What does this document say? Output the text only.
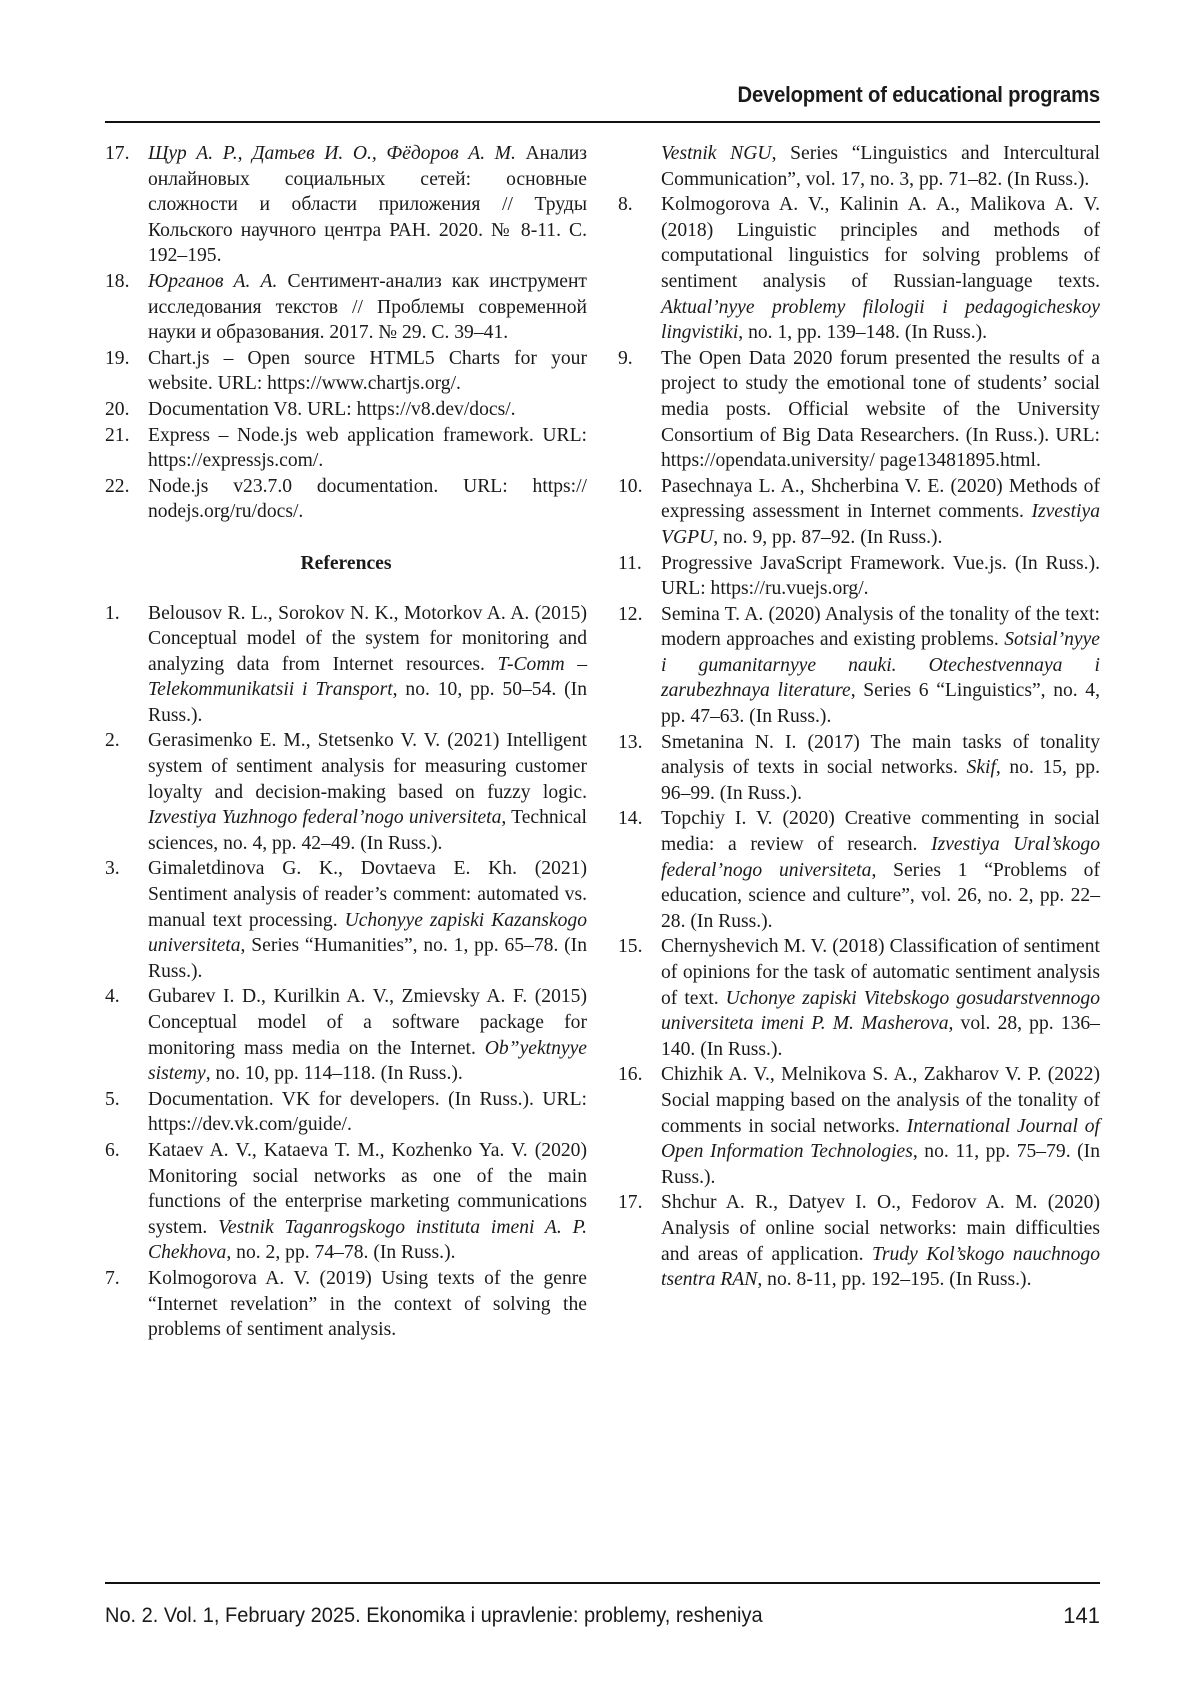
Development of educational programs
17. Щур А. Р., Датьев И. О., Фёдоров А. М. Анализ онлайновых социальных сетей: основные сложности и области приложения // Труды Кольского научного центра РАН. 2020. № 8-11. С. 192–195.
18. Юрганов А. А. Сентимент-анализ как инструмент исследования текстов // Проблемы современной науки и образования. 2017. № 29. С. 39–41.
19. Chart.js – Open source HTML5 Charts for your website. URL: https://www.chartjs.org/.
20. Documentation V8. URL: https://v8.dev/docs/.
21. Express – Node.js web application framework. URL: https://expressjs.com/.
22. Node.js v23.7.0 documentation. URL: https:// nodejs.org/ru/docs/.
References
1.	Belousov R. L., Sorokov N. K., Motorkov A. A. (2015) Conceptual model of the system for monitoring and analyzing data from Internet resources. T-Comm – Telekommunikatsii i Transport, no. 10, pp. 50–54. (In Russ.).
2.	Gerasimenko E. M., Stetsenko V. V. (2021) Intelligent system of sentiment analysis for measuring customer loyalty and decision-making based on fuzzy logic. Izvestiya Yuzhnogo federal’nogo universiteta, Technical sciences, no. 4, pp. 42–49. (In Russ.).
3.	Gimaletdinova G. K., Dovtaeva E. Kh. (2021) Sentiment analysis of reader’s comment: automated vs. manual text processing. Uchonyye zapiski Kazanskogo universiteta, Series “Humanities”, no. 1, pp. 65–78. (In Russ.).
4.	Gubarev I. D., Kurilkin A. V., Zmievsky A. F. (2015) Conceptual model of a software package for monitoring mass media on the Internet. Ob”yektnyye sistemy, no. 10, pp. 114–118. (In Russ.).
5.	Documentation. VK for developers. (In Russ.). URL: https://dev.vk.com/guide/.
6.	Kataev A. V., Kataeva T. M., Kozhenko Ya. V. (2020) Monitoring social networks as one of the main functions of the enterprise marketing communications system. Vestnik Taganrogskogo instituta imeni A. P. Chekhova, no. 2, pp. 74–78. (In Russ.).
7.	Kolmogorova A. V. (2019) Using texts of the genre “Internet revelation” in the context of solving the problems of sentiment analysis.
Vestnik NGU, Series “Linguistics and Intercultural Communication”, vol. 17, no. 3, pp. 71–82. (In Russ.).
8.	Kolmogorova A. V., Kalinin A. A., Malikova A. V. (2018) Linguistic principles and methods of computational linguistics for solving problems of sentiment analysis of Russian-language texts. Aktual’nyye problemy filologii i pedagogicheskoy lingvistiki, no. 1, pp. 139–148. (In Russ.).
9.	The Open Data 2020 forum presented the results of a project to study the emotional tone of students’ social media posts. Official website of the University Consortium of Big Data Researchers. (In Russ.). URL: https://opendata.university/ page13481895.html.
10. Pasechnaya L. A., Shcherbina V. E. (2020) Methods of expressing assessment in Internet comments. Izvestiya VGPU, no. 9, pp. 87–92. (In Russ.).
11. Progressive JavaScript Framework. Vue.js. (In Russ.). URL: https://ru.vuejs.org/.
12. Semina T. A. (2020) Analysis of the tonality of the text: modern approaches and existing problems. Sotsial’nyye i gumanitarnyye nauki. Otechestvennaya i zarubezhnaya literature, Series 6 “Linguistics”, no. 4, pp. 47–63. (In Russ.).
13. Smetanina N. I. (2017) The main tasks of tonality analysis of texts in social networks. Skif, no. 15, pp. 96–99. (In Russ.).
14. Topchiy I. V. (2020) Creative commenting in social media: a review of research. Izvestiya Ural’skogo federal’nogo universiteta, Series 1 “Problems of education, science and culture”, vol. 26, no. 2, pp. 22–28. (In Russ.).
15. Chernyshevich M. V. (2018) Classification of sentiment of opinions for the task of automatic sentiment analysis of text. Uchonye zapiski Vitebskogo gosudarstvennogo universiteta imeni P. M. Masherova, vol. 28, pp. 136–140. (In Russ.).
16. Chizhik A. V., Melnikova S. A., Zakharov V. P. (2022) Social mapping based on the analysis of the tonality of comments in social networks. International Journal of Open Information Technologies, no. 11, pp. 75–79. (In Russ.).
17. Shchur A. R., Datyev I. O., Fedorov A. M. (2020) Analysis of online social networks: main difficulties and areas of application. Trudy Kol’skogo nauchnogo tsentra RAN, no. 8-11, pp. 192–195. (In Russ.).
No. 2. Vol. 1, February 2025. Ekonomika i upravlenie: problemy, resheniya	141
